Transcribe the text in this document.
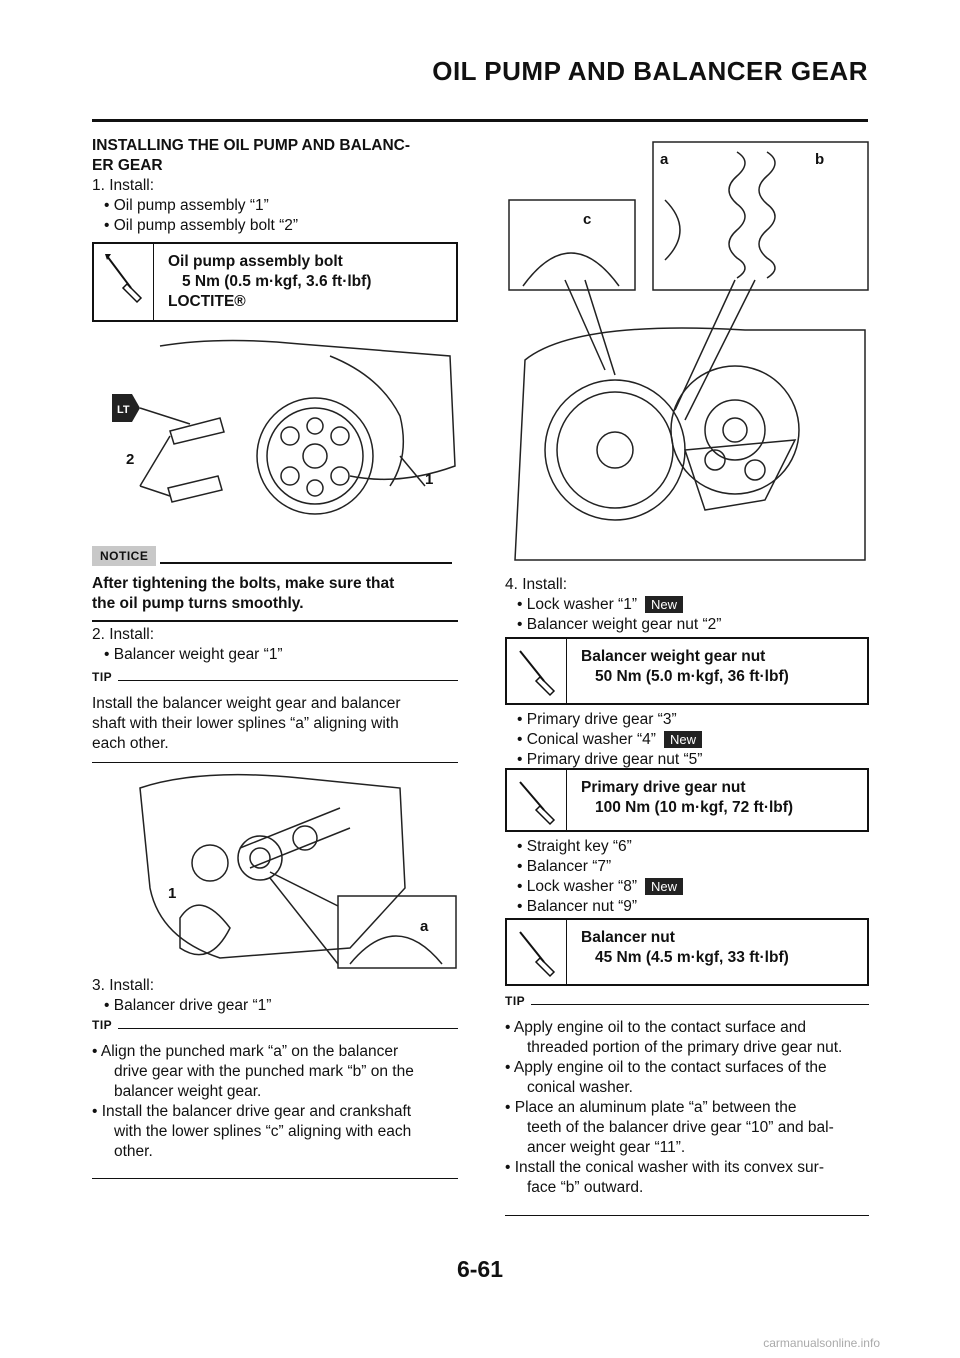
OIL PUMP AND BALANCER GEAR
INSTALLING THE OIL PUMP AND BALANC-
ER GEAR
1. Install:
• Oil pump assembly “1”
• Oil pump assembly bolt “2”
Oil pump assembly bolt
5 Nm (0.5 m·kgf, 3.6 ft·lbf)
LOCTITE®
LT
2
1
NOTICE
After tightening the bolts, make sure that
the oil pump turns smoothly.
2. Install:
• Balancer weight gear “1”
TIP
Install the balancer weight gear and balancer
shaft with their lower splines “a” aligning with
each other.
1
a
3. Install:
• Balancer drive gear “1”
TIP
• Align the punched mark “a” on the balancer
drive gear with the punched mark “b” on the
balancer weight gear.
• Install the balancer drive gear and crankshaft
with the lower splines “c” aligning with each
other.
a	b
c
4. Install:
• Lock washer “1” New
• Balancer weight gear nut “2”
Balancer weight gear nut
50 Nm (5.0 m·kgf, 36 ft·lbf)
• Primary drive gear “3”
• Conical washer “4” New
• Primary drive gear nut “5”
Primary drive gear nut
100 Nm (10 m·kgf, 72 ft·lbf)
• Straight key “6”
• Balancer “7”
• Lock washer “8” New
• Balancer nut “9”
Balancer nut
45 Nm (4.5 m·kgf, 33 ft·lbf)
TIP
• Apply engine oil to the contact surface and
threaded portion of the primary drive gear nut.
• Apply engine oil to the contact surfaces of the
conical washer.
• Place an aluminum plate “a” between the
teeth of the balancer drive gear “10” and bal-
ancer weight gear “11”.
• Install the conical washer with its convex sur-
face “b” outward.
6-61
carmanualsonline.info
